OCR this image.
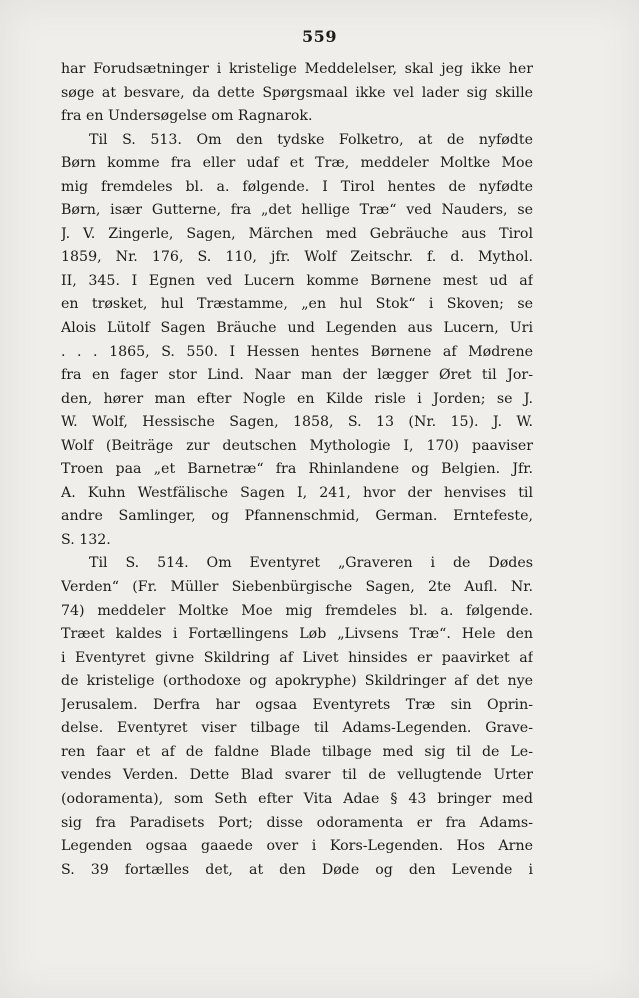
559
har Forudsætninger i kristelige Meddelelser, skal jeg ikke her
søge at besvare, da dette Spørgsmaal ikke vel lader sig skille
fra en Undersøgelse om Ragnarok.
Til S. 513. Om den tydske Folketro, at de nyfødte
Børn komme fra eller udaf et Træ, meddeler Moltke Moe
mig fremdeles bl. a. følgende. I Tirol hentes de nyfødte
Børn, især Gutterne, fra „det hellige Træ“ ved Nauders, se
J. V. Zingerle, Sagen, Märchen med Gebräuche aus Tirol
1859, Nr. 176, S. 110, jfr. Wolf Zeitschr. f. d. Mythol.
II, 345. I Egnen ved Lucern komme Børnene mest ud af
en trøsket, hul Træstamme, „en hul Stok“ i Skoven; se
Alois Lütolf Sagen Bräuche und Legenden aus Lucern, Uri
. . . 1865, S. 550. I Hessen hentes Børnene af Mødrene
fra en fager stor Lind. Naar man der lægger Øret til Jor-
den, hører man efter Nogle en Kilde risle i Jorden; se J.
W. Wolf, Hessische Sagen, 1858, S. 13 (Nr. 15). J. W.
Wolf (Beiträge zur deutschen Mythologie I, 170) paaviser
Troen paa „et Barnetræ“ fra Rhinlandene og Belgien. Jfr.
A. Kuhn Westfälische Sagen I, 241, hvor der henvises til
andre Samlinger, og Pfannenschmid, German. Erntefeste,
S. 132.
Til S. 514. Om Eventyret „Graveren i de Dødes
Verden“ (Fr. Müller Siebenbürgische Sagen, 2te Aufl. Nr.
74) meddeler Moltke Moe mig fremdeles bl. a. følgende.
Træet kaldes i Fortællingens Løb „Livsens Træ“. Hele den
i Eventyret givne Skildring af Livet hinsides er paavirket af
de kristelige (orthodoxe og apokryphe) Skildringer af det nye
Jerusalem. Derfra har ogsaa Eventyrets Træ sin Oprin-
delse. Eventyret viser tilbage til Adams-Legenden. Grave-
ren faar et af de faldne Blade tilbage med sig til de Le-
vendes Verden. Dette Blad svarer til de vellugtende Urter
(odoramenta), som Seth efter Vita Adae § 43 bringer med
sig fra Paradisets Port; disse odoramenta er fra Adams-
Legenden ogsaa gaaede over i Kors-Legenden. Hos Arne
S. 39 fortælles det, at den Døde og den Levende i
